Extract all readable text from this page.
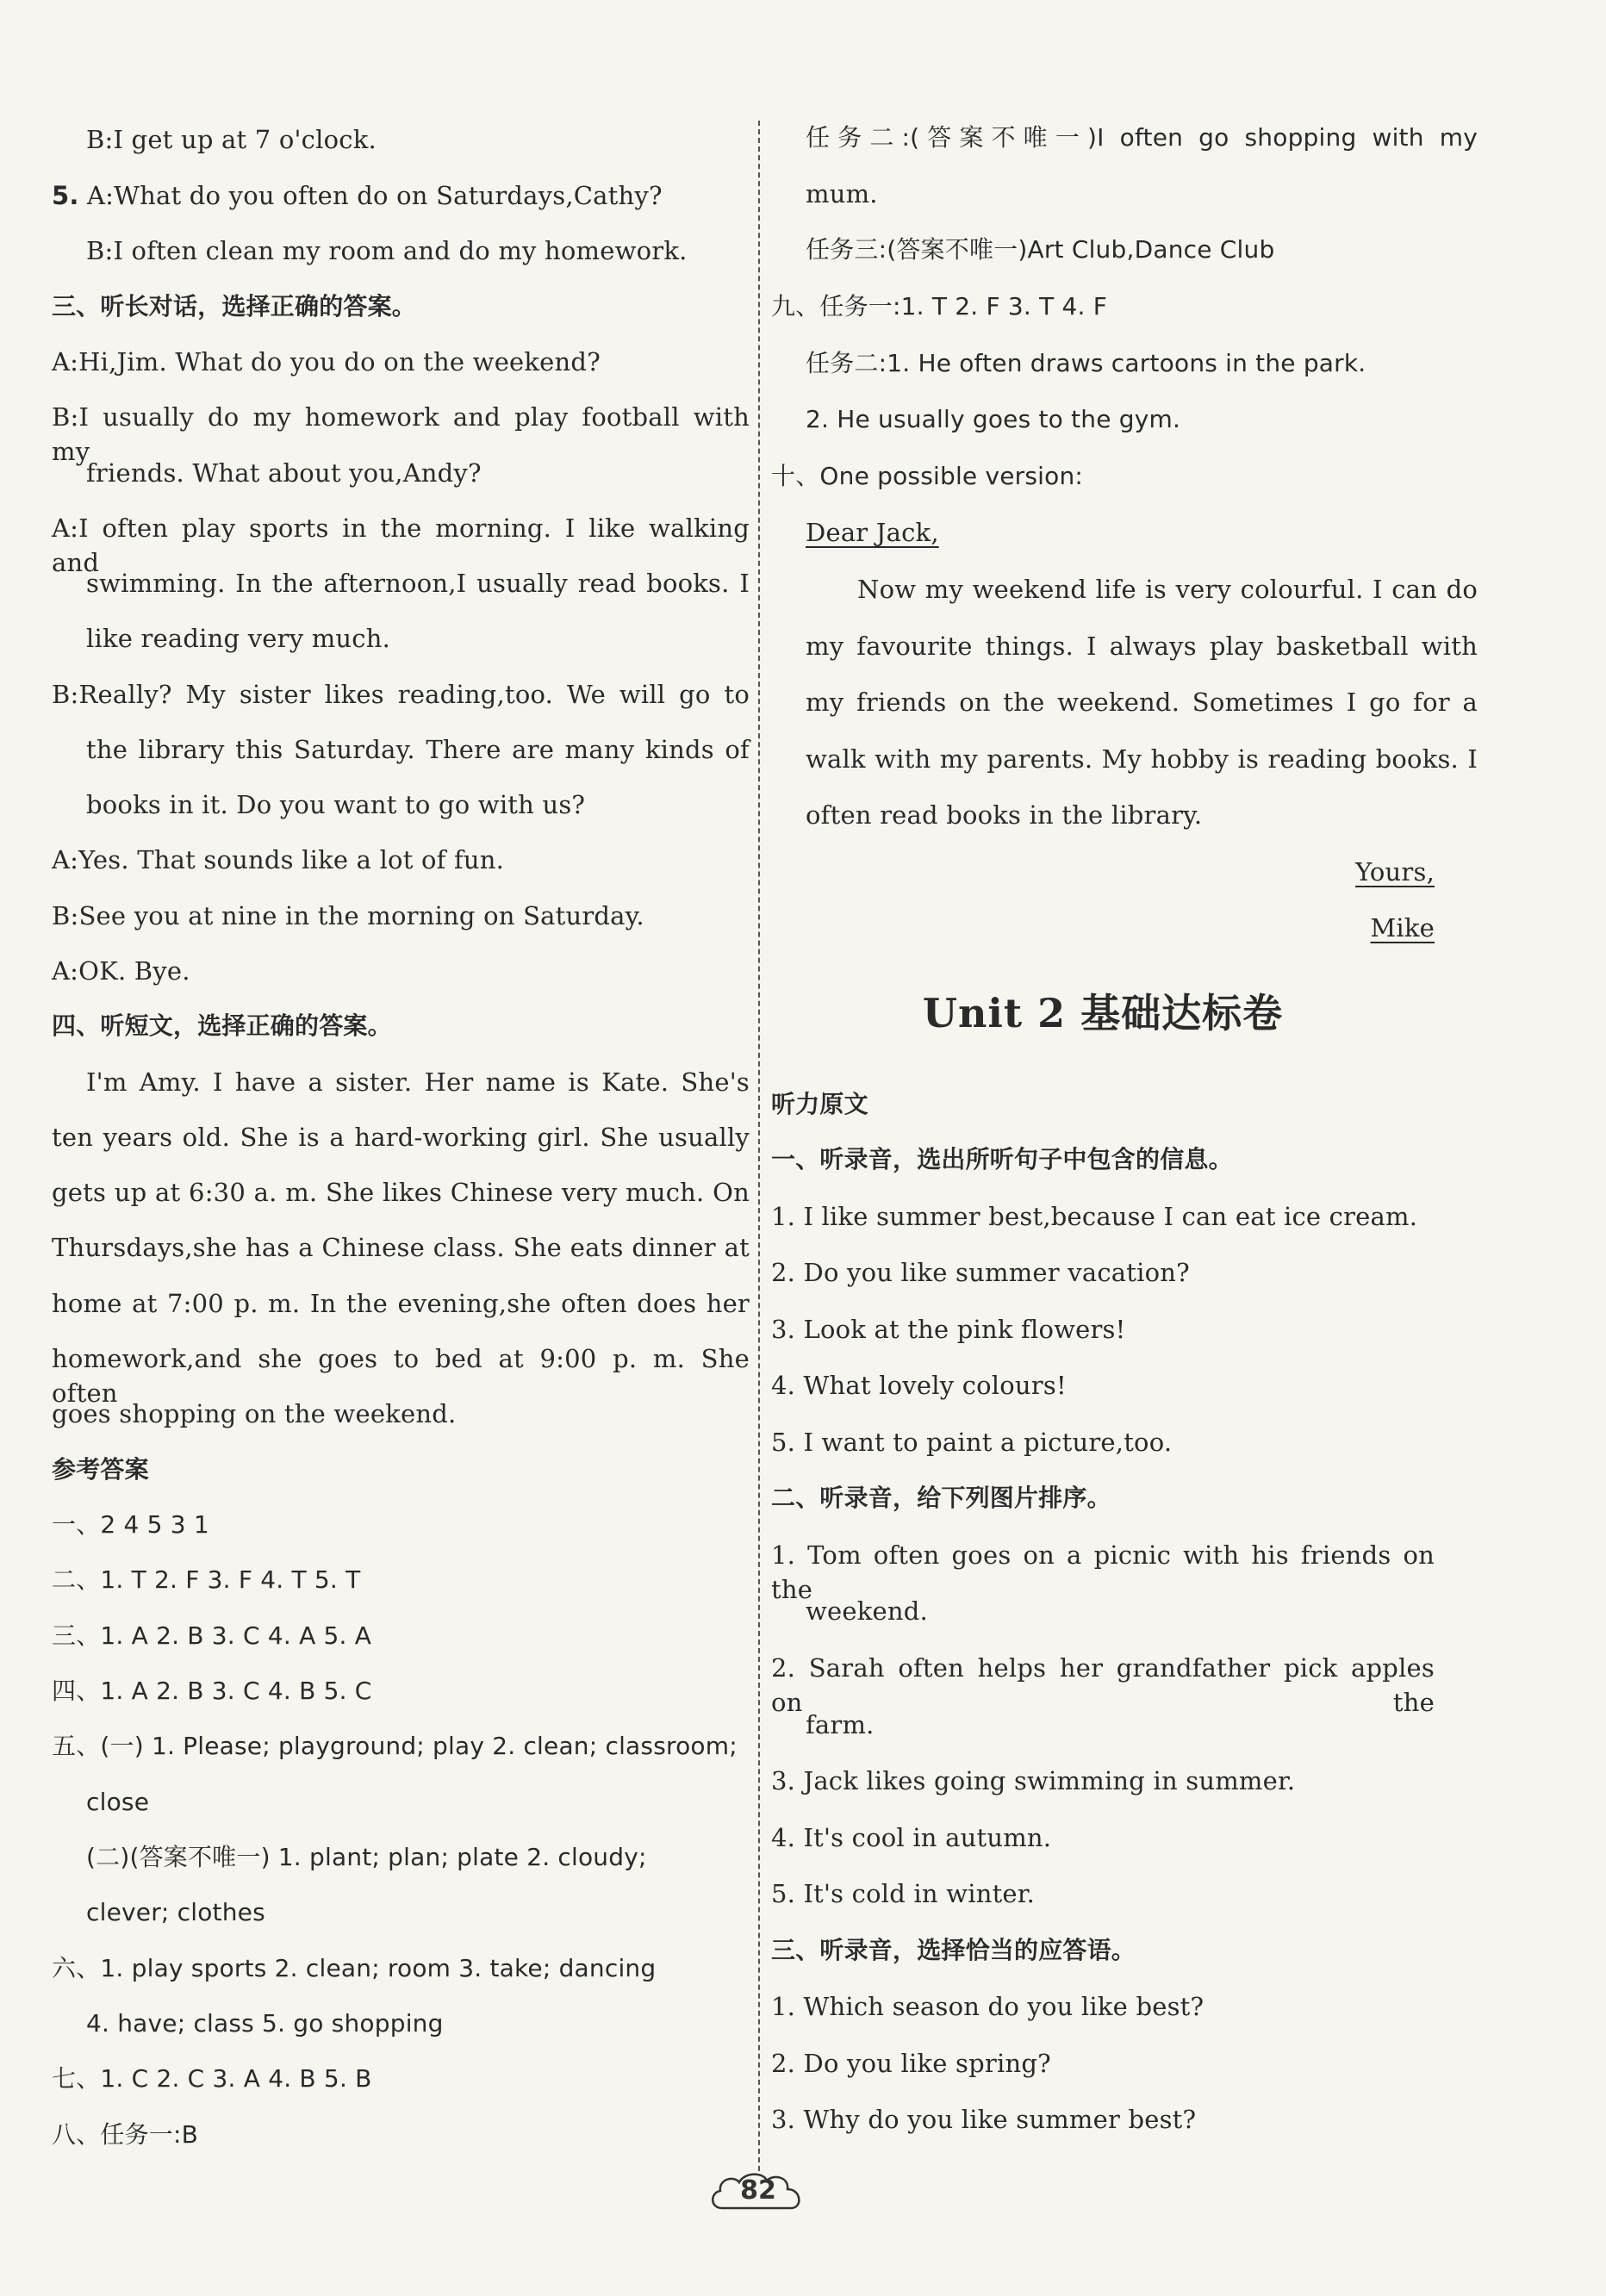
B:I get up at 7 o'clock.
5. A:What do you often do on Saturdays,Cathy?
B:I often clean my room and do my homework.
三、听长对话，选择正确的答案。
A:Hi,Jim. What do you do on the weekend?
B:I usually do my homework and play football with my
friends. What about you,Andy?
A:I often play sports in the morning. I like walking and
swimming. In the afternoon,I usually read books. I
like reading very much.
B:Really? My sister likes reading,too. We will go to
the library this Saturday. There are many kinds of
books in it. Do you want to go with us?
A:Yes. That sounds like a lot of fun.
B:See you at nine in the morning on Saturday.
A:OK. Bye.
四、听短文，选择正确的答案。
I'm Amy. I have a sister. Her name is Kate. She's
ten years old. She is a hard-working girl. She usually
gets up at 6:30 a. m. She likes Chinese very much. On
Thursdays,she has a Chinese class. She eats dinner at
home at 7:00 p. m. In the evening,she often does her
homework,and she goes to bed at 9:00 p. m. She often
goes shopping on the weekend.
参考答案
一、2 4 5 3 1
二、1. T 2. F 3. F 4. T 5. T
三、1. A 2. B 3. C 4. A 5. A
四、1. A 2. B 3. C 4. B 5. C
五、(一) 1. Please; playground; play 2. clean; classroom;
close
(二)(答案不唯一) 1. plant; plan; plate 2. cloudy;
clever; clothes
六、1. play sports 2. clean; room 3. take; dancing
4. have; class 5. go shopping
七、1. C 2. C 3. A 4. B 5. B
八、任务一:B
任务二:(答案不唯一)I often go shopping with my
mum.
任务三:(答案不唯一)Art Club,Dance Club
九、任务一:1. T 2. F 3. T 4. F
任务二:1. He often draws cartoons in the park.
2. He usually goes to the gym.
十、One possible version:
Dear Jack,
Now my weekend life is very colourful. I can do
my favourite things. I always play basketball with
my friends on the weekend. Sometimes I go for a
walk with my parents. My hobby is reading books. I
often read books in the library.
Yours,
Mike
Unit 2 基础达标卷
听力原文
一、听录音，选出所听句子中包含的信息。
1. I like summer best,because I can eat ice cream.
2. Do you like summer vacation?
3. Look at the pink flowers!
4. What lovely colours!
5. I want to paint a picture,too.
二、听录音，给下列图片排序。
1. Tom often goes on a picnic with his friends on the
weekend.
2. Sarah often helps her grandfather pick apples on the
farm.
3. Jack likes going swimming in summer.
4. It's cool in autumn.
5. It's cold in winter.
三、听录音，选择恰当的应答语。
1. Which season do you like best?
2. Do you like spring?
3. Why do you like summer best?
82
